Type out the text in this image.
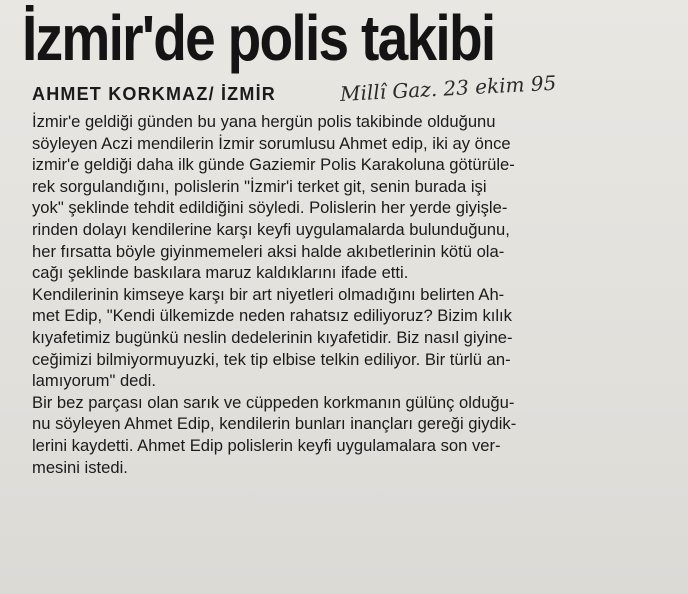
İzmir'de polis takibi
AHMET KORKMAZ/ İZMİR	Millî Gaz. 23 ekim 95
İzmir'e geldiği günden bu yana hergün polis takibinde olduğunu
söyleyen Aczi mendilerin İzmir sorumlusu Ahmet edip, iki ay önce
izmir'e geldiği daha ilk günde Gaziemir Polis Karakoluna götürüle-
rek sorgulandığını, polislerin "İzmir'i terket git, senin burada işi
yok" şeklinde tehdit edildiğini söyledi. Polislerin her yerde giyişle-
rinden dolayı kendilerine karşı keyfi uygulamalarda bulunduğunu,
her fırsatta böyle giyinmemeleri aksi halde akıbetlerinin kötü ola-
cağı şeklinde baskılara maruz kaldıklarını ifade etti.
Kendilerinin kimseye karşı bir art niyetleri olmadığını belirten Ah-
met Edip, "Kendi ülkemizde neden rahatsız ediliyoruz? Bizim kılık
kıyafetimiz bugünkü neslin dedelerinin kıyafetidir. Biz nasıl giyine-
ceğimizi bilmiyormuyuzki, tek tip elbise telkin ediliyor. Bir türlü an-
lamıyorum" dedi.
Bir bez parçası olan sarık ve cüppeden korkmanın gülünç olduğu-
nu söyleyen Ahmet Edip, kendilerin bunları inançları gereği giydik-
lerini kaydetti. Ahmet Edip polislerin keyfi uygulamalara son ver-
mesini istedi.
